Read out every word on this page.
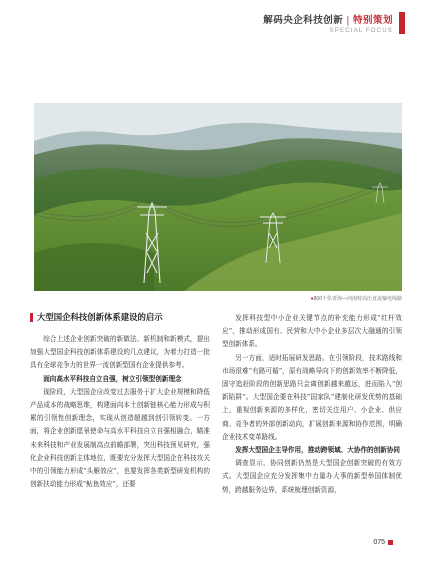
解码央企科技创新 | 特别策划
SPECIAL FOCUS
●800千伏青海—河南特高压直流输电线路
大型国企科技创新体系建设的启示

综合上述企业创新突破的新做法、新机制和新模式，提出加强大型国企科技创新体系建设的几点建议，为着力打造一批具有全球竞争力的世界一流创新型国有企业提供参考。

面向高水平科技自立自强，树立引领型创新理念

现阶段，大型国企应改变过去服务于扩大企业规模和降低产品成本的战略思维，构建面向本土创新链核心能力形成与积累的引领性创新理念，实现从创造超越到创引领转变。一方面，将企业创新愿景使命与高水平科技自立自强相融合，瞄准未来科技和产业发展制高点前瞻部署，突出科技预见研究，强化企业科技创新主体地位，既要充分发挥大型国企在科技攻关中的引领能力形成“头雁效应”，也要发挥各类新型研发机构的创新扶动能力形成“鲇鱼效应”，还要

发挥科技型中小企业关键节点的补充能力形成“红杆效应”，推动形成国有、民营和大中小企业多层次大融通的引领型创新体系。

另一方面，适时拓展研发思路。在引领阶段，技术路线和市场很难“有路可循”，原有战略导向下的创新效率不断降低，固守追赶阶段的创新思路只会离创新越来越远，进而陷入“创新陷阱”。大型国企要在科技“国家队”建制化研发优势的基础上，重视创新来源的多样化，密切关注用户、小企业、供应商、竞争者的外部创新动向，扩展创新来源和协作范围，明确企业技术变革路线。

发挥大型国企主导作用，推动跨领域、大协作的创新协同

调查显示，协同创新仍然是大型国企创新突破的有效方式。大型国企应充分发挥集中力量办大事的新型举国体制优势，跨越服务边界，系统梳理创新资源，

075
